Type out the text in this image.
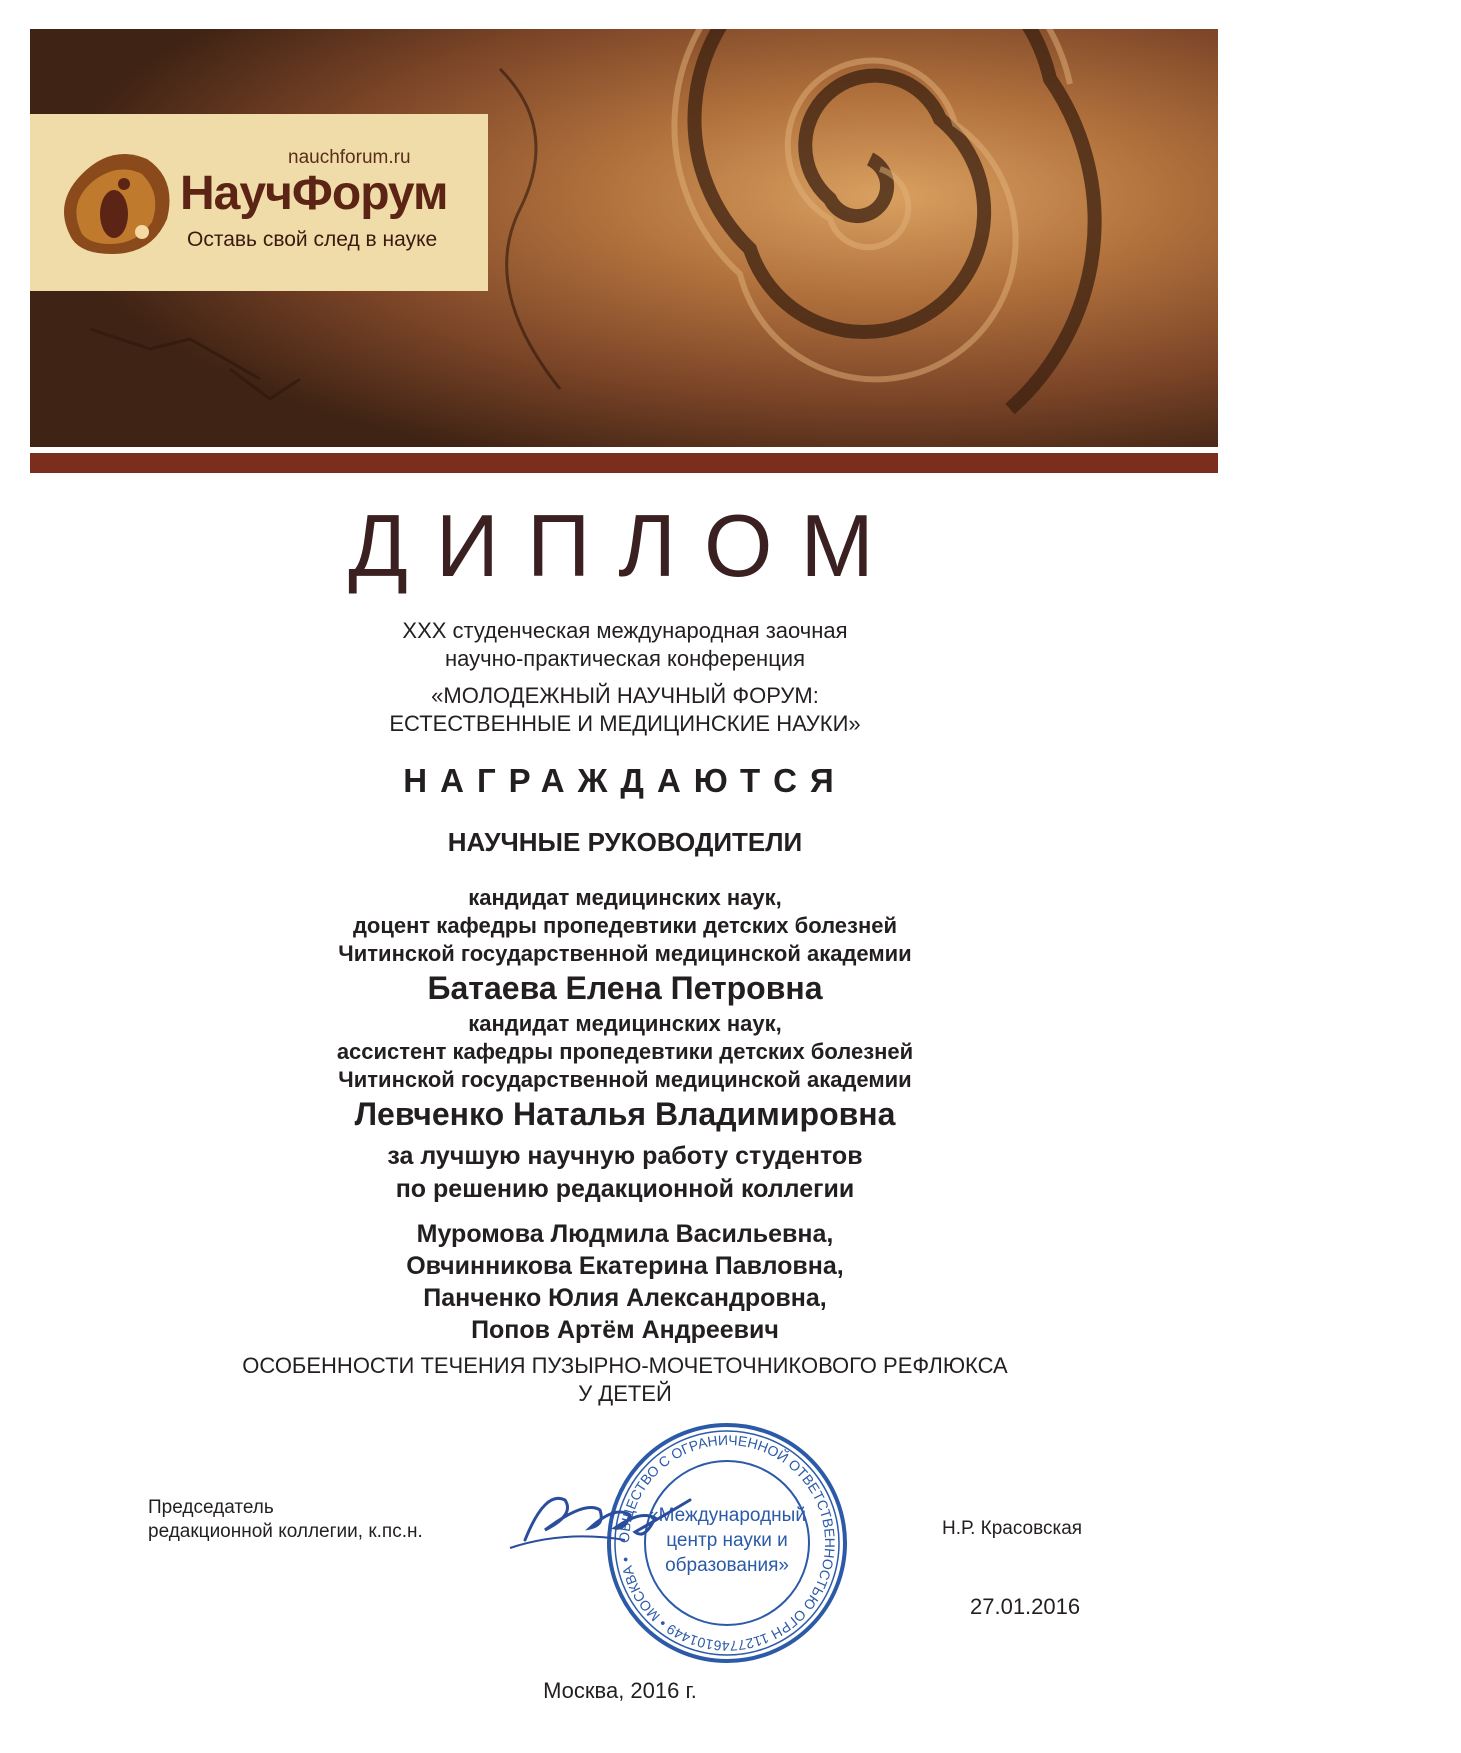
nauchforum.ru
НаучФорум
Оставь свой след в науке
ДИПЛОМ
XXX студенческая международная заочная
научно-практическая конференция
«МОЛОДЕЖНЫЙ НАУЧНЫЙ ФОРУМ:
ЕСТЕСТВЕННЫЕ И МЕДИЦИНСКИЕ НАУКИ»
НАГРАЖДАЮТСЯ
НАУЧНЫЕ РУКОВОДИТЕЛИ
кандидат медицинских наук,
доцент кафедры пропедевтики детских болезней
Читинской государственной медицинской академии
Батаева Елена Петровна
кандидат медицинских наук,
ассистент кафедры пропедевтики детских болезней
Читинской государственной медицинской академии
Левченко Наталья Владимировна
за лучшую научную работу студентов
по решению редакционной коллегии
Муромова Людмила Васильевна,
Овчинникова Екатерина Павловна,
Панченко Юлия Александровна,
Попов Артём Андреевич
ОСОБЕННОСТИ ТЕЧЕНИЯ ПУЗЫРНО-МОЧЕТОЧНИКОВОГО РЕФЛЮКСА
У ДЕТЕЙ
Председатель
редакционной коллегии, к.пс.н.	ОБЩЕСТВО С ОГРАНИЧЕННОЙ ОТВЕТСТВЕННОСТЬЮ ОГРН 1127746101449 • МОСКВА •
«Международный
центр науки и
образования»
Н.Р. Красовская
27.01.2016
Москва, 2016 г.
